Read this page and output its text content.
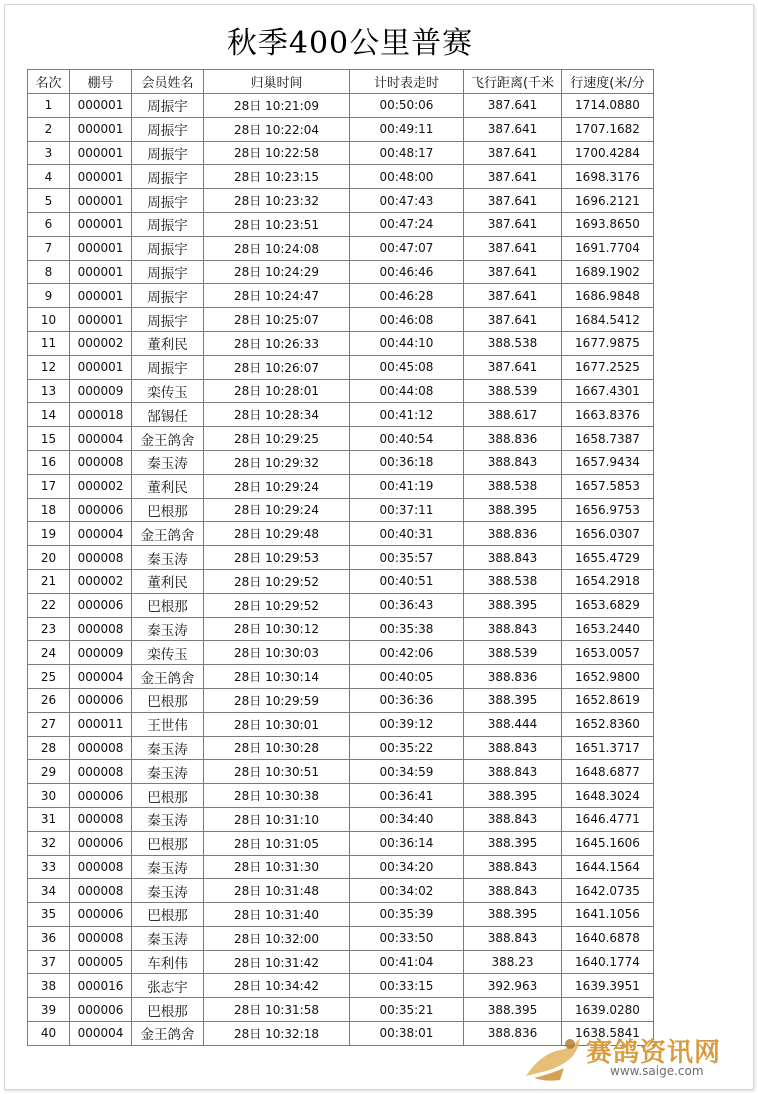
秋季400公里普赛
名次	棚号	会员姓名	归巢时间	计时表走时	飞行距离(千米	行速度(米/分
1	000001	周振宇	28日 10:21:09	00:50:06	387.641	1714.0880
2	000001	周振宇	28日 10:22:04	00:49:11	387.641	1707.1682
3	000001	周振宇	28日 10:22:58	00:48:17	387.641	1700.4284
4	000001	周振宇	28日 10:23:15	00:48:00	387.641	1698.3176
5	000001	周振宇	28日 10:23:32	00:47:43	387.641	1696.2121
6	000001	周振宇	28日 10:23:51	00:47:24	387.641	1693.8650
7	000001	周振宇	28日 10:24:08	00:47:07	387.641	1691.7704
8	000001	周振宇	28日 10:24:29	00:46:46	387.641	1689.1902
9	000001	周振宇	28日 10:24:47	00:46:28	387.641	1686.9848
10	000001	周振宇	28日 10:25:07	00:46:08	387.641	1684.5412
11	000002	董利民	28日 10:26:33	00:44:10	388.538	1677.9875
12	000001	周振宇	28日 10:26:07	00:45:08	387.641	1677.2525
13	000009	栾传玉	28日 10:28:01	00:44:08	388.539	1667.4301
14	000018	郜锡任	28日 10:28:34	00:41:12	388.617	1663.8376
15	000004	金王鸽舍	28日 10:29:25	00:40:54	388.836	1658.7387
16	000008	秦玉涛	28日 10:29:32	00:36:18	388.843	1657.9434
17	000002	董利民	28日 10:29:24	00:41:19	388.538	1657.5853
18	000006	巴根那	28日 10:29:24	00:37:11	388.395	1656.9753
19	000004	金王鸽舍	28日 10:29:48	00:40:31	388.836	1656.0307
20	000008	秦玉涛	28日 10:29:53	00:35:57	388.843	1655.4729
21	000002	董利民	28日 10:29:52	00:40:51	388.538	1654.2918
22	000006	巴根那	28日 10:29:52	00:36:43	388.395	1653.6829
23	000008	秦玉涛	28日 10:30:12	00:35:38	388.843	1653.2440
24	000009	栾传玉	28日 10:30:03	00:42:06	388.539	1653.0057
25	000004	金王鸽舍	28日 10:30:14	00:40:05	388.836	1652.9800
26	000006	巴根那	28日 10:29:59	00:36:36	388.395	1652.8619
27	000011	王世伟	28日 10:30:01	00:39:12	388.444	1652.8360
28	000008	秦玉涛	28日 10:30:28	00:35:22	388.843	1651.3717
29	000008	秦玉涛	28日 10:30:51	00:34:59	388.843	1648.6877
30	000006	巴根那	28日 10:30:38	00:36:41	388.395	1648.3024
31	000008	秦玉涛	28日 10:31:10	00:34:40	388.843	1646.4771
32	000006	巴根那	28日 10:31:05	00:36:14	388.395	1645.1606
33	000008	秦玉涛	28日 10:31:30	00:34:20	388.843	1644.1564
34	000008	秦玉涛	28日 10:31:48	00:34:02	388.843	1642.0735
35	000006	巴根那	28日 10:31:40	00:35:39	388.395	1641.1056
36	000008	秦玉涛	28日 10:32:00	00:33:50	388.843	1640.6878
37	000005	车利伟	28日 10:31:42	00:41:04	388.23	1640.1774
38	000016	张志宇	28日 10:34:42	00:33:15	392.963	1639.3951
39	000006	巴根那	28日 10:31:58	00:35:21	388.395	1639.0280
40	000004	金王鸽舍	28日 10:32:18	00:38:01	388.836	1638.5841
赛鸽资讯网
www.saige.com
